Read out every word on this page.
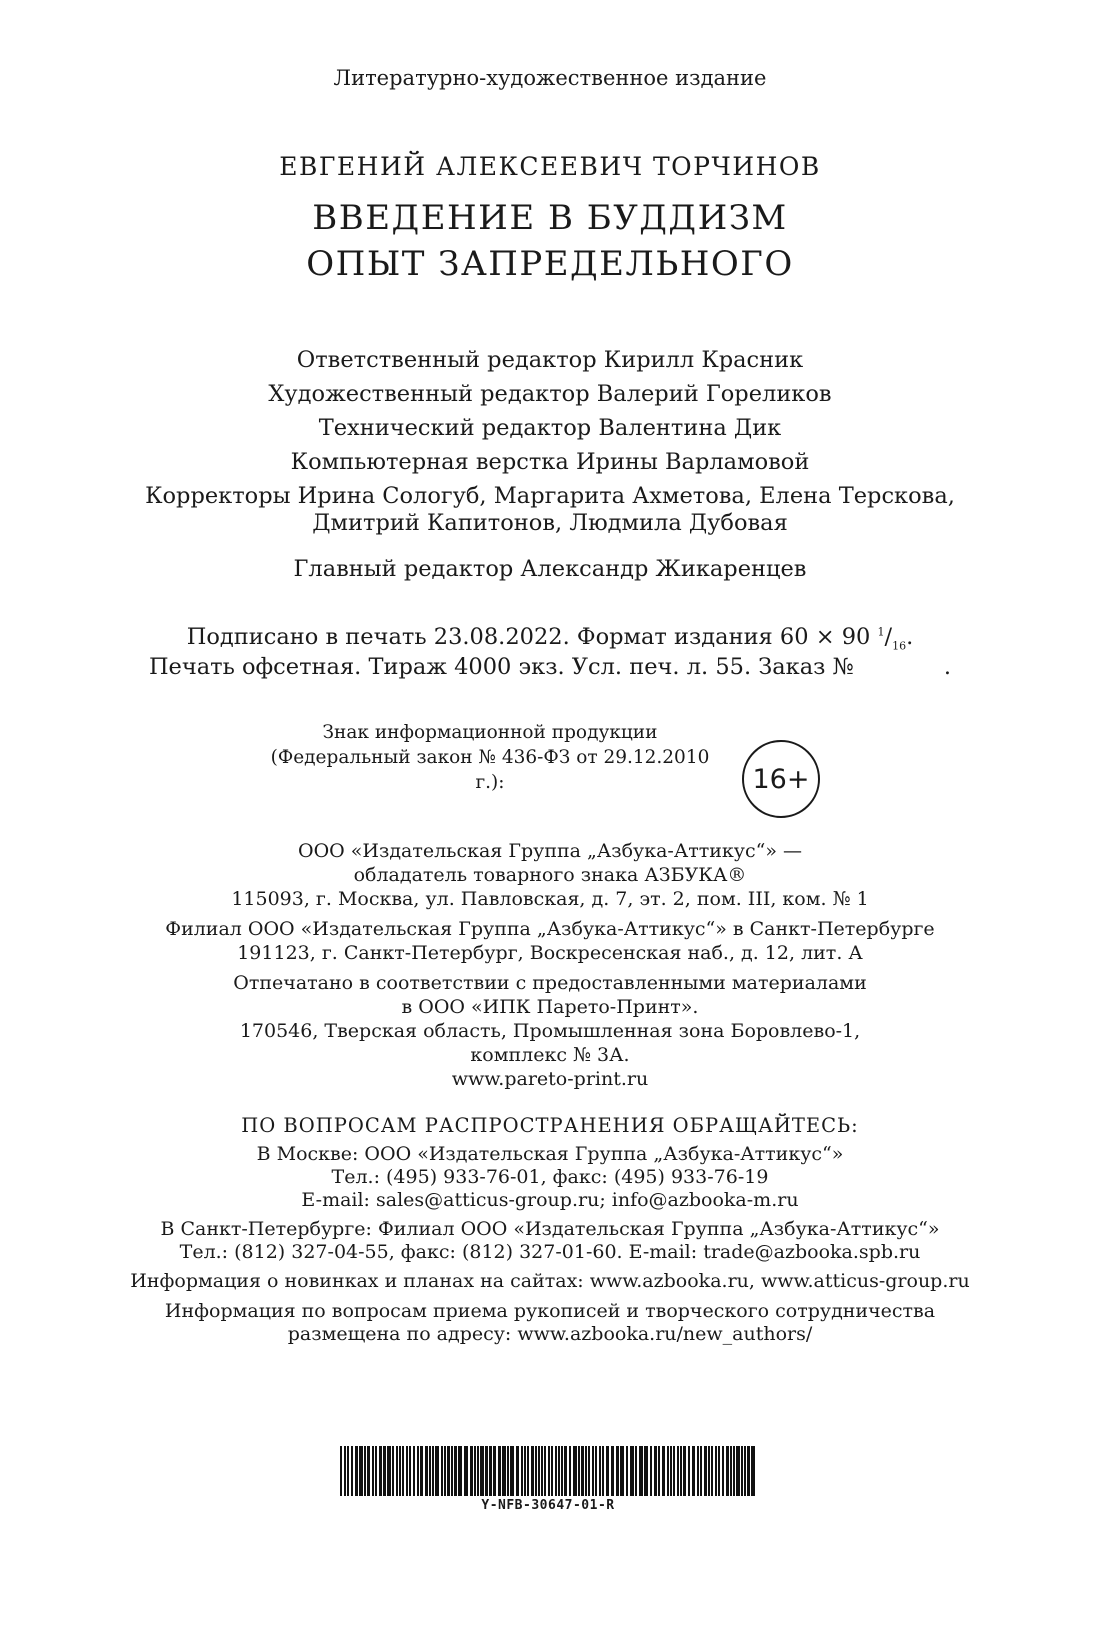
Литературно-художественное издание
ЕВГЕНИЙ АЛЕКСЕЕВИЧ ТОРЧИНОВ
ВВЕДЕНИЕ В БУДДИЗМ
ОПЫТ ЗАПРЕДЕЛЬНОГО
Ответственный редактор Кирилл Красник
Художественный редактор Валерий Гореликов
Технический редактор Валентина Дик
Компьютерная верстка Ирины Варламовой
Корректоры Ирина Сологуб, Маргарита Ахметова, Елена Терскова,
Дмитрий Капитонов, Людмила Дубовая
Главный редактор Александр Жикаренцев
Подписано в печать 23.08.2022. Формат издания 60 × 90 $^1/_{16}$.
Печать офсетная. Тираж 4000 экз. Усл. печ. л. 55. Заказ №	.
Знак информационной продукции
(Федеральный закон № 436-ФЗ от 29.12.2010 г.):	16+
ООО «Издательская Группа „Азбука-Аттикус“» —
обладатель товарного знака АЗБУКА®
115093, г. Москва, ул. Павловская, д. 7, эт. 2, пом. III, ком. № 1
Филиал ООО «Издательская Группа „Азбука-Аттикус“» в Санкт-Петербурге
191123, г. Санкт-Петербург, Воскресенская наб., д. 12, лит. А
Отпечатано в соответствии с предоставленными материалами
в ООО «ИПК Парето-Принт».
170546, Тверская область, Промышленная зона Боровлево-1,
комплекс № 3А.
www.pareto-print.ru
ПО ВОПРОСАМ РАСПРОСТРАНЕНИЯ ОБРАЩАЙТЕСЬ:
В Москве: ООО «Издательская Группа „Азбука-Аттикус“»
Тел.: (495) 933-76-01, факс: (495) 933-76-19
E-mail: sales@atticus-group.ru; info@azbooka-m.ru
В Санкт-Петербурге: Филиал ООО «Издательская Группа „Азбука-Аттикус“»
Тел.: (812) 327-04-55, факс: (812) 327-01-60. E-mail: trade@azbooka.spb.ru
Информация о новинках и планах на сайтах: www.azbooka.ru, www.atticus-group.ru
Информация по вопросам приема рукописей и творческого сотрудничества
размещена по адресу: www.azbooka.ru/new_authors/
Y-NFB-30647-01-R
